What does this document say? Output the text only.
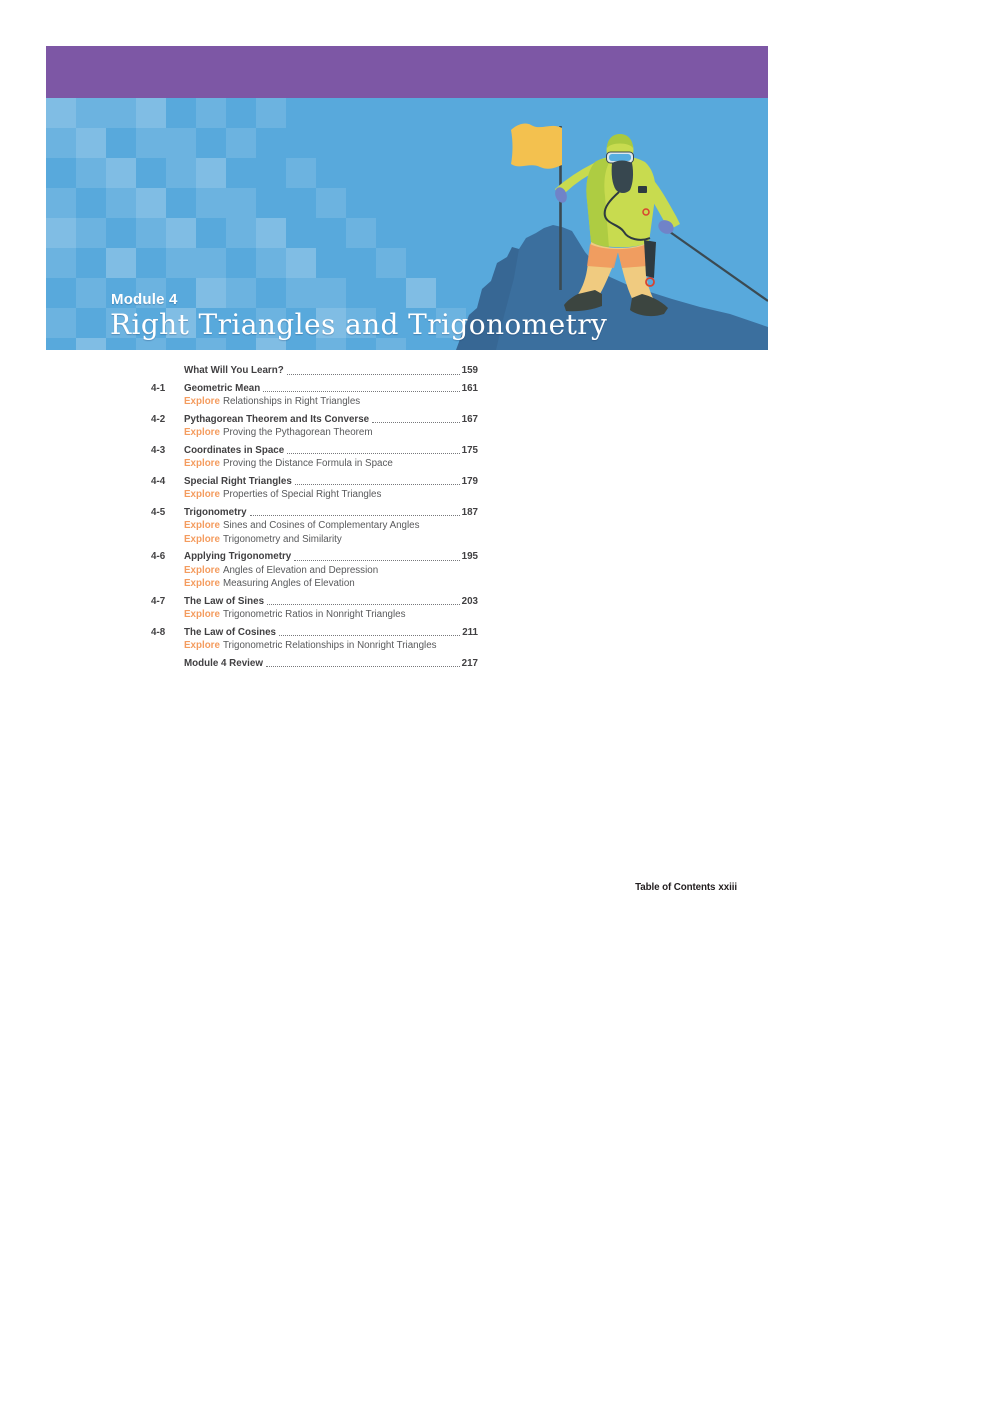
Module 4
Right Triangles and Trigonometry
What Will You Learn?	159
4-1	Geometric Mean	161
Explore Relationships in Right Triangles
4-2	Pythagorean Theorem and Its Converse	167
Explore Proving the Pythagorean Theorem
4-3	Coordinates in Space	175
Explore Proving the Distance Formula in Space
4-4	Special Right Triangles	179
Explore Properties of Special Right Triangles
4-5	Trigonometry	187
Explore Sines and Cosines of Complementary Angles
Explore Trigonometry and Similarity
4-6	Applying Trigonometry	195
Explore Angles of Elevation and Depression
Explore Measuring Angles of Elevation
4-7	The Law of Sines	203
Explore Trigonometric Ratios in Nonright Triangles
4-8	The Law of Cosines	211
Explore Trigonometric Relationships in Nonright Triangles
Module 4 Review	217
Table of Contents xxiii
